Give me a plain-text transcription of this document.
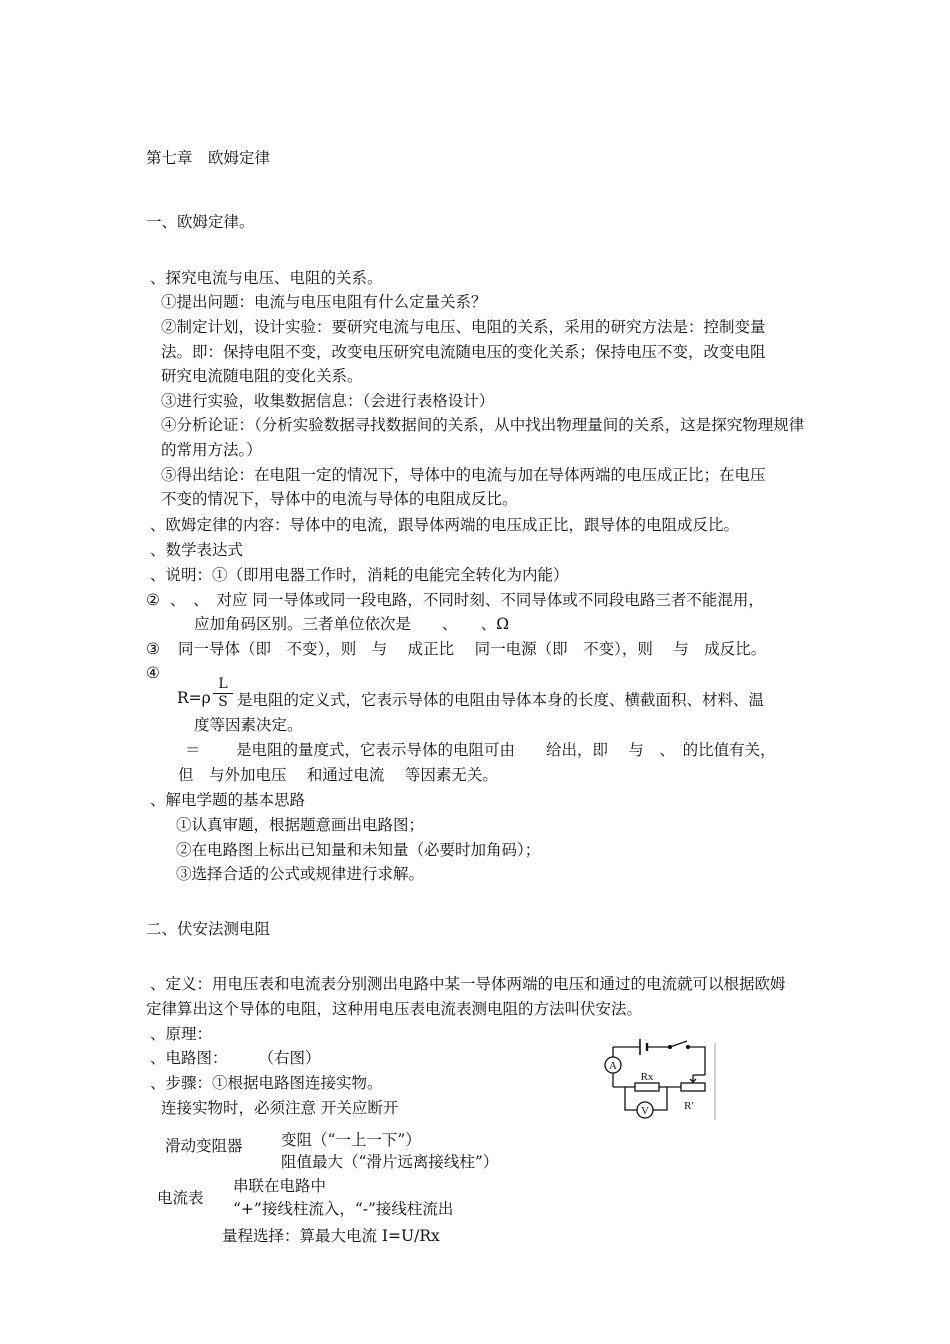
第七章　欧姆定律
一、欧姆定律。
、探究电流与电压、电阻的关系。
①提出问题：电流与电压电阻有什么定量关系？
②制定计划，设计实验：要研究电流与电压、电阻的关系，采用的研究方法是：控制变量
法。即：保持电阻不变，改变电压研究电流随电压的变化关系；保持电压不变，改变电阻
研究电流随电阻的变化关系。
③进行实验，收集数据信息：（会进行表格设计）
④分析论证：（分析实验数据寻找数据间的关系，从中找出物理量间的关系，这是探究物理规律
的常用方法。）
⑤得出结论：在电阻一定的情况下，导体中的电流与加在导体两端的电压成正比；在电压
不变的情况下，导体中的电流与导体的电阻成反比。
、欧姆定律的内容：导体中的电流，跟导体两端的电压成正比，跟导体的电阻成反比。
、数学表达式
、说明：①（即用电器工作时，消耗的电能完全转化为内能）
② 、　、　对应 同一导体或同一段电路，不同时刻、不同导体或不同段电路三者不能混用，
应加角码区别。三者单位依次是　　、　　、Ω
③ 同一导体（即　不变），则　与　 成正比　 同一电源（即　不变），则　 与　成反比。
④
R=ρ
L
S 是电阻的定义式，它表示导体的电阻由导体本身的长度、横截面积、材料、温
度等因素决定。
＝ 是电阻的量度式，它表示导体的电阻可由　　给出，即　 与　、　的比值有关，
但　与外加电压　 和通过电流　 等因素无关。
、解电学题的基本思路
①认真审题，根据题意画出电路图；
②在电路图上标出已知量和未知量（必要时加角码）；
③选择合适的公式或规律进行求解。
二、伏安法测电阻
、定义：用电压表和电流表分别测出电路中某一导体两端的电压和通过的电流就可以根据欧姆
定律算出这个导体的电阻，这种用电压表电流表测电阻的方法叫伏安法。
、原理：
、电路图：　　　（右图）
、步骤：①根据电路图连接实物。
连接实物时，必须注意 开关应断开
滑动变阻器 变阻（“一上一下”）
阻值最大（“滑片远离接线柱”）
电流表
串联在电路中
“+”接线柱流入，“-”接线柱流出
量程选择：算最大电流 I=U/Rx
A
V
Rx
R′
